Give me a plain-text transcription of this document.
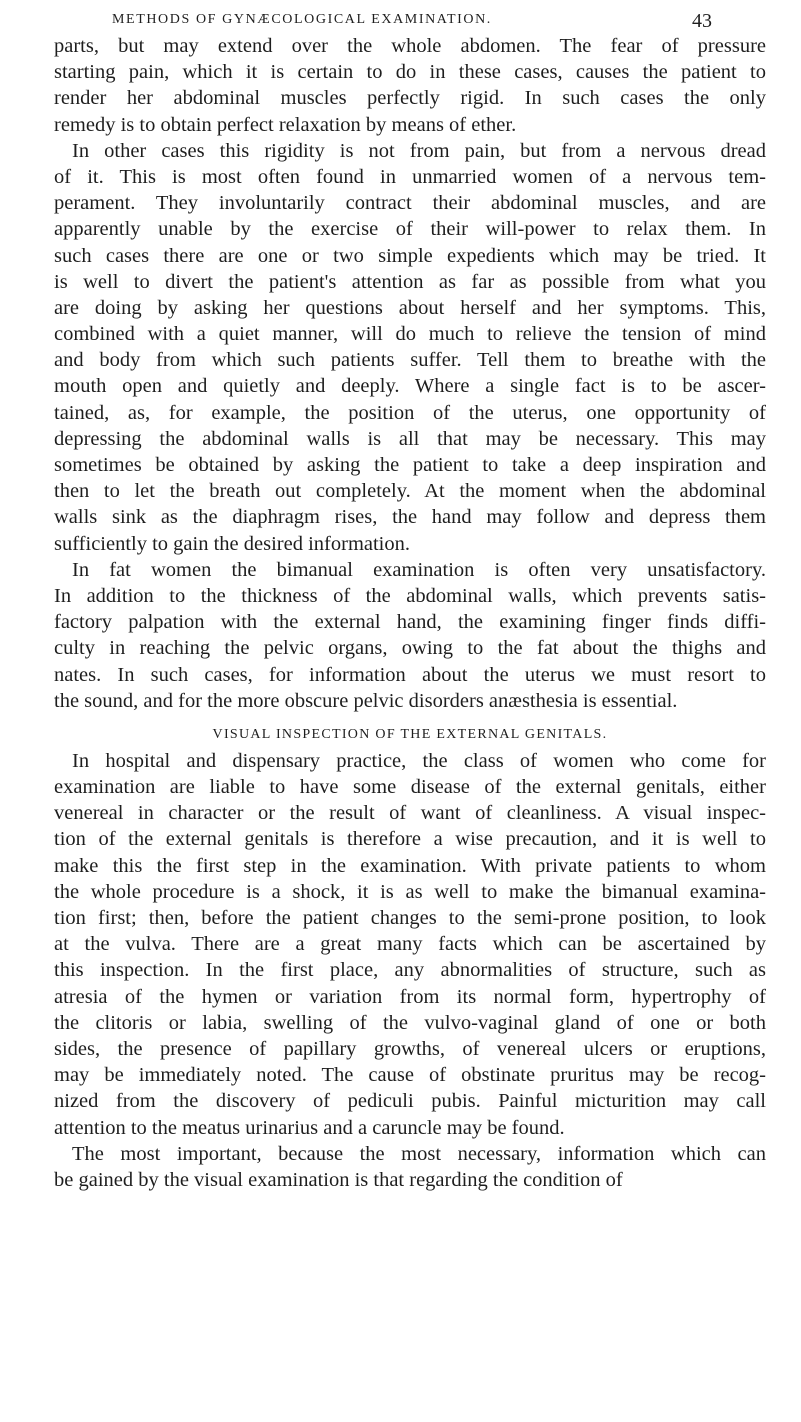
METHODS OF GYNÆCOLOGICAL EXAMINATION.	43
parts, but may extend over the whole abdomen. The fear of pressure
starting pain, which it is certain to do in these cases, causes the patient to
render her abdominal muscles perfectly rigid. In such cases the only
remedy is to obtain perfect relaxation by means of ether.
In other cases this rigidity is not from pain, but from a nervous dread
of it. This is most often found in unmarried women of a nervous tem-
perament. They involuntarily contract their abdominal muscles, and are
apparently unable by the exercise of their will-power to relax them. In
such cases there are one or two simple expedients which may be tried. It
is well to divert the patient's attention as far as possible from what you
are doing by asking her questions about herself and her symptoms. This,
combined with a quiet manner, will do much to relieve the tension of mind
and body from which such patients suffer. Tell them to breathe with the
mouth open and quietly and deeply. Where a single fact is to be ascer-
tained, as, for example, the position of the uterus, one opportunity of
depressing the abdominal walls is all that may be necessary. This may
sometimes be obtained by asking the patient to take a deep inspiration and
then to let the breath out completely. At the moment when the abdominal
walls sink as the diaphragm rises, the hand may follow and depress them
sufficiently to gain the desired information.
In fat women the bimanual examination is often very unsatisfactory.
In addition to the thickness of the abdominal walls, which prevents satis-
factory palpation with the external hand, the examining finger finds diffi-
culty in reaching the pelvic organs, owing to the fat about the thighs and
nates. In such cases, for information about the uterus we must resort to
the sound, and for the more obscure pelvic disorders anæsthesia is essential.
VISUAL INSPECTION OF THE EXTERNAL GENITALS.
In hospital and dispensary practice, the class of women who come for
examination are liable to have some disease of the external genitals, either
venereal in character or the result of want of cleanliness. A visual inspec-
tion of the external genitals is therefore a wise precaution, and it is well to
make this the first step in the examination. With private patients to whom
the whole procedure is a shock, it is as well to make the bimanual examina-
tion first; then, before the patient changes to the semi-prone position, to look
at the vulva. There are a great many facts which can be ascertained by
this inspection. In the first place, any abnormalities of structure, such as
atresia of the hymen or variation from its normal form, hypertrophy of
the clitoris or labia, swelling of the vulvo-vaginal gland of one or both
sides, the presence of papillary growths, of venereal ulcers or eruptions,
may be immediately noted. The cause of obstinate pruritus may be recog-
nized from the discovery of pediculi pubis. Painful micturition may call
attention to the meatus urinarius and a caruncle may be found.
The most important, because the most necessary, information which can
be gained by the visual examination is that regarding the condition of
